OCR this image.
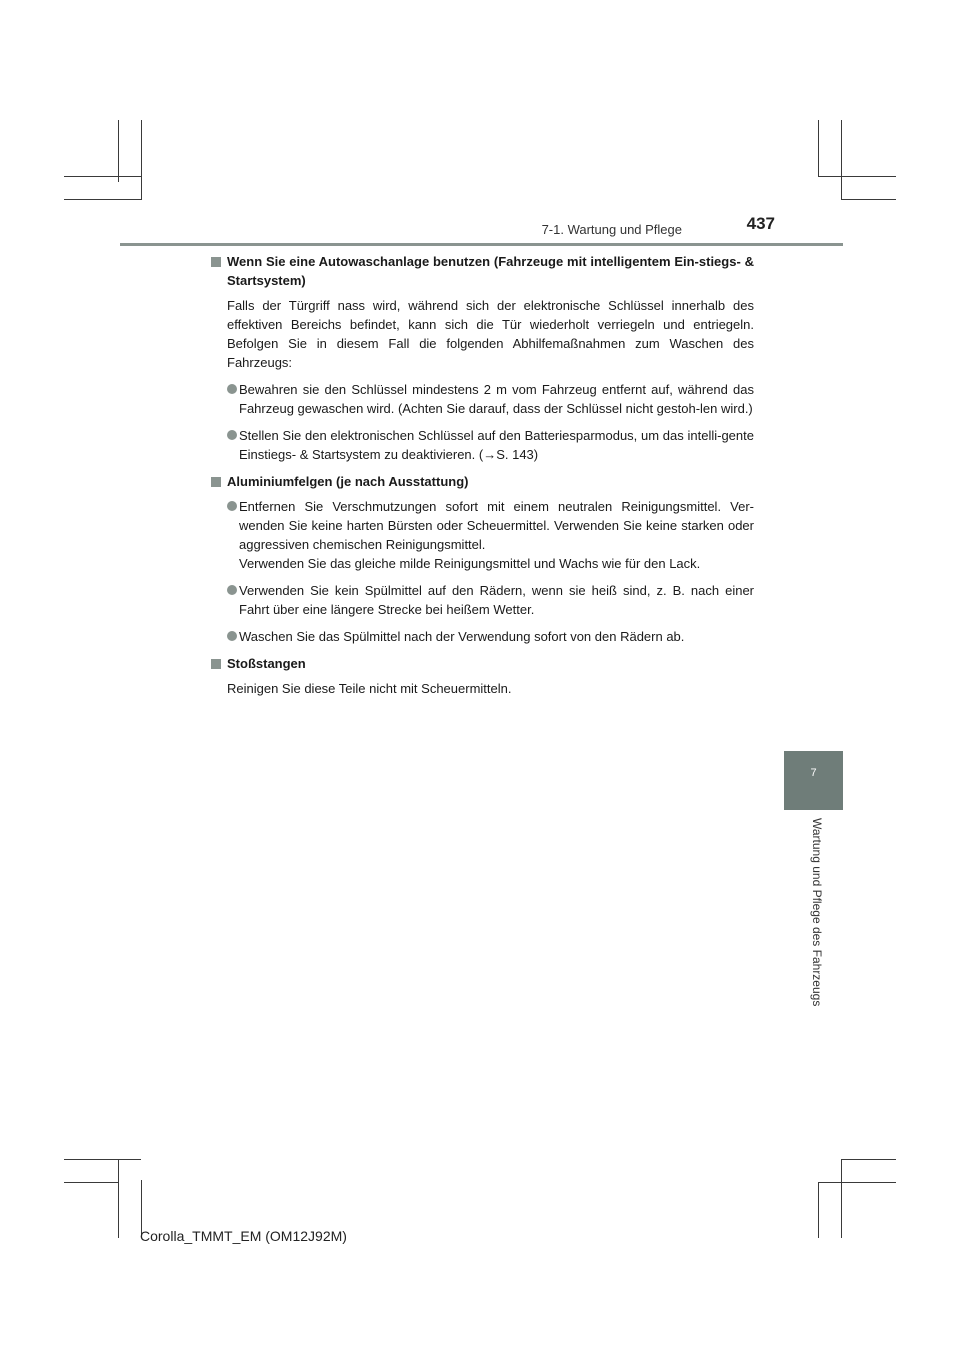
7-1. Wartung und Pflege	437
Wenn Sie eine Autowaschanlage benutzen (Fahrzeuge mit intelligentem Ein-stiegs- & Startsystem)

Falls der Türgriff nass wird, während sich der elektronische Schlüssel innerhalb des effektiven Bereichs befindet, kann sich die Tür wiederholt verriegeln und entriegeln. Befolgen Sie in diesem Fall die folgenden Abhilfemaßnahmen zum Waschen des Fahrzeugs:

Bewahren sie den Schlüssel mindestens 2 m vom Fahrzeug entfernt auf, während das Fahrzeug gewaschen wird. (Achten Sie darauf, dass der Schlüssel nicht gestoh-len wird.)
Stellen Sie den elektronischen Schlüssel auf den Batteriesparmodus, um das intelli-gente Einstiegs- & Startsystem zu deaktivieren. (→S. 143)
Aluminiumfelgen (je nach Ausstattung)
Entfernen Sie Verschmutzungen sofort mit einem neutralen Reinigungsmittel. Ver-wenden Sie keine harten Bürsten oder Scheuermittel. Verwenden Sie keine starken oder aggressiven chemischen Reinigungsmittel.
Verwenden Sie das gleiche milde Reinigungsmittel und Wachs wie für den Lack.
Verwenden Sie kein Spülmittel auf den Rädern, wenn sie heiß sind, z. B. nach einer Fahrt über eine längere Strecke bei heißem Wetter.
Waschen Sie das Spülmittel nach der Verwendung sofort von den Rädern ab.
Stoßstangen

Reinigen Sie diese Teile nicht mit Scheuermitteln.

7
Wartung und Pflege des Fahrzeugs
Corolla_TMMT_EM (OM12J92M)
